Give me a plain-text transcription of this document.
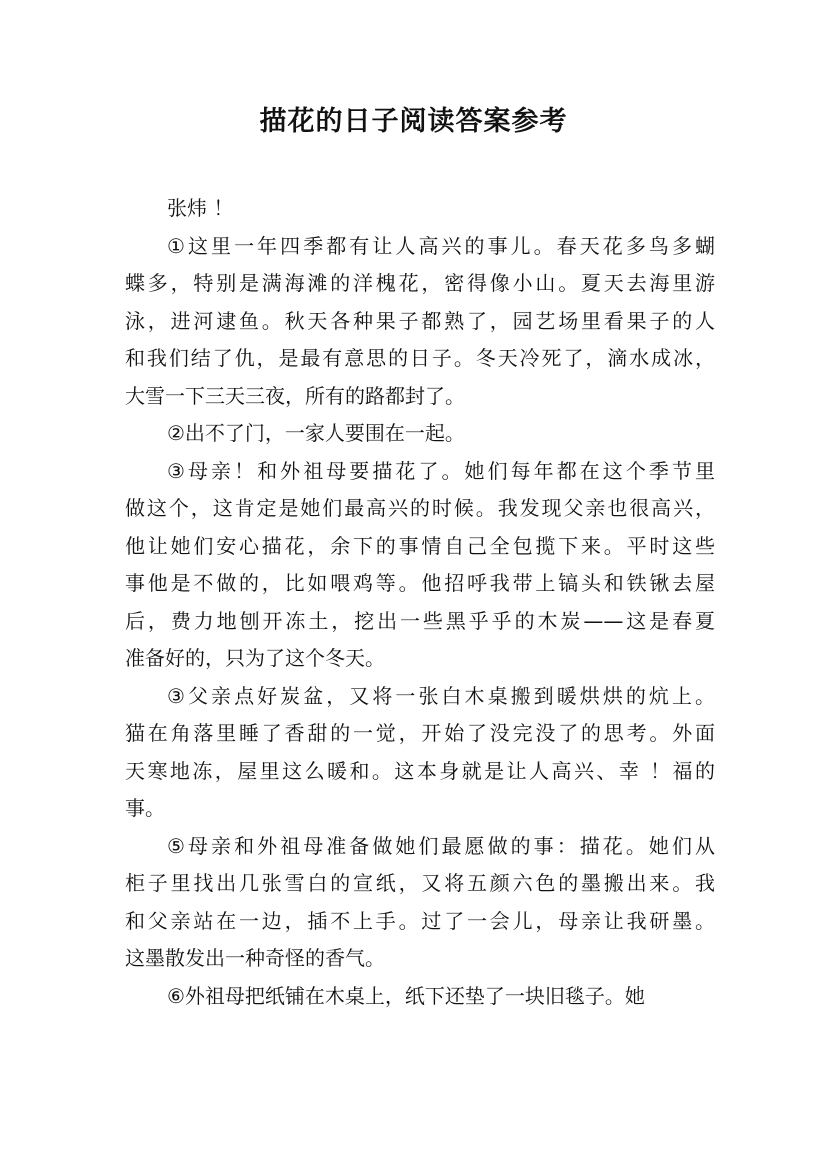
描花的日子阅读答案参考
张炜 ！
①这里一年四季都有让人高兴的事儿。春天花多鸟多蝴
蝶多，特别是满海滩的洋槐花，密得像小山。夏天去海里游
泳，进河逮鱼。秋天各种果子都熟了，园艺场里看果子的人
和我们结了仇，是最有意思的日子。冬天冷死了，滴水成冰，
大雪一下三天三夜，所有的路都封了。
②出不了门，一家人要围在一起。
③母亲！和外祖母要描花了。她们每年都在这个季节里
做这个，这肯定是她们最高兴的时候。我发现父亲也很高兴，
他让她们安心描花，余下的事情自己全包揽下来。平时这些
事他是不做的，比如喂鸡等。他招呼我带上镐头和铁锹去屋
后，费力地刨开冻土，挖出一些黑乎乎的木炭——这是春夏
准备好的，只为了这个冬天。
③父亲点好炭盆，又将一张白木桌搬到暖烘烘的炕上。
猫在角落里睡了香甜的一觉，开始了没完没了的思考。外面
天寒地冻，屋里这么暖和。这本身就是让人高兴、幸 ！福的
事。
⑤母亲和外祖母准备做她们最愿做的事：描花。她们从
柜子里找出几张雪白的宣纸，又将五颜六色的墨搬出来。我
和父亲站在一边，插不上手。过了一会儿，母亲让我研墨。
这墨散发出一种奇怪的香气。
⑥外祖母把纸铺在木桌上，纸下还垫了一块旧毯子。她
